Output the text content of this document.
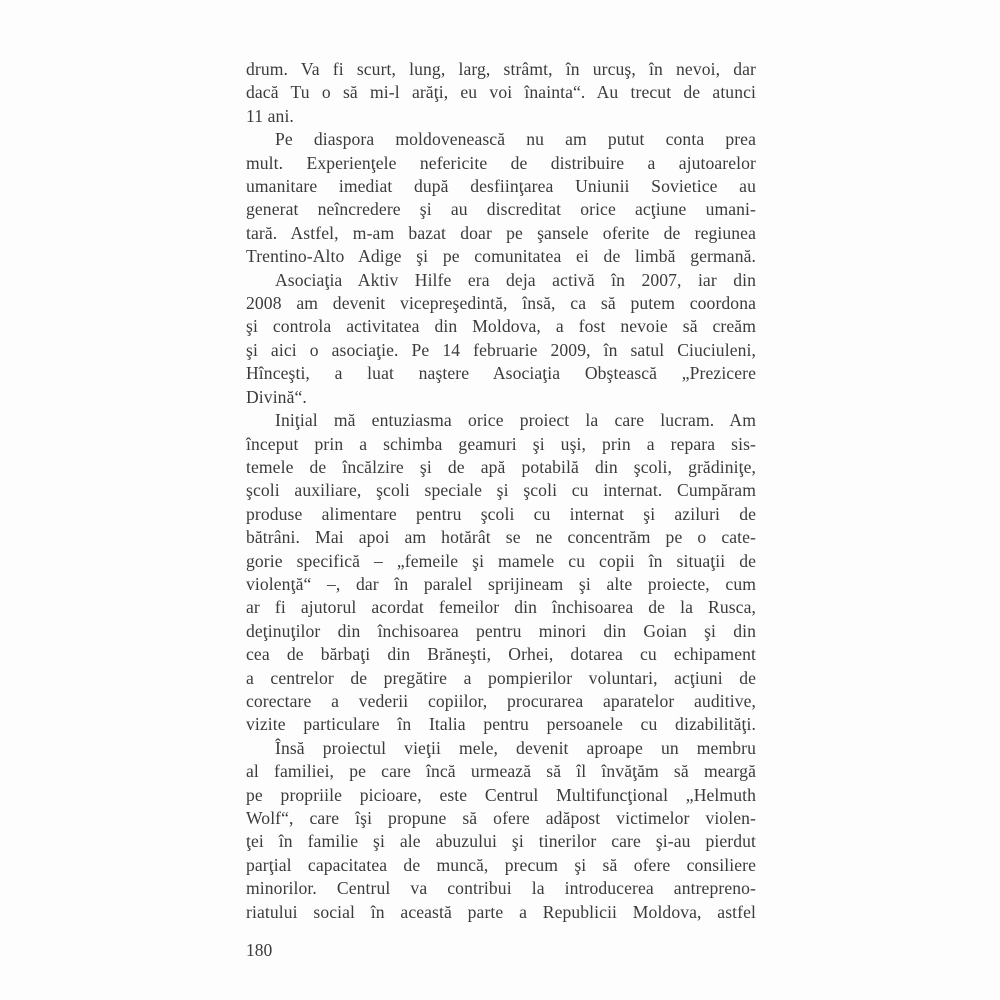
drum. Va fi scurt, lung, larg, strâmt, în urcuş, în nevoi, dar
dacă Tu o să mi-l arăţi, eu voi înainta“. Au trecut de atunci
11 ani.

Pe diaspora moldovenească nu am putut conta prea
mult. Experienţele nefericite de distribuire a ajutoarelor
umanitare imediat după desfiinţarea Uniunii Sovietice au
generat neîncredere şi au discreditat orice acţiune umani-
tară. Astfel, m-am bazat doar pe şansele oferite de regiunea
Trentino-Alto Adige şi pe comunitatea ei de limbă germană.

Asociaţia Aktiv Hilfe era deja activă în 2007, iar din
2008 am devenit vicepreşedintă, însă, ca să putem coordona
şi controla activitatea din Moldova, a fost nevoie să creăm
şi aici o asociaţie. Pe 14 februarie 2009, în satul Ciuciuleni,
Hînceşti, a luat naştere Asociaţia Obştească „Prezicere
Divină“.

Iniţial mă entuziasma orice proiect la care lucram. Am
început prin a schimba geamuri şi uşi, prin a repara sis-
temele de încălzire şi de apă potabilă din şcoli, grădiniţe,
şcoli auxiliare, şcoli speciale şi şcoli cu internat. Cumpăram
produse alimentare pentru şcoli cu internat şi aziluri de
bătrâni. Mai apoi am hotărât se ne concentrăm pe o cate-
gorie specifică – „femeile şi mamele cu copii în situaţii de
violenţă“ –, dar în paralel sprijineam şi alte proiecte, cum
ar fi ajutorul acordat femeilor din închisoarea de la Rusca,
deţinuţilor din închisoarea pentru minori din Goian şi din
cea de bărbaţi din Brăneşti, Orhei, dotarea cu echipament
a centrelor de pregătire a pompierilor voluntari, acţiuni de
corectare a vederii copiilor, procurarea aparatelor auditive,
vizite particulare în Italia pentru persoanele cu dizabilităţi.

Însă proiectul vieţii mele, devenit aproape un membru
al familiei, pe care încă urmează să îl învăţăm să meargă
pe propriile picioare, este Centrul Multifuncţional „Helmuth
Wolf“, care îşi propune să ofere adăpost victimelor violen-
ţei în familie şi ale abuzului şi tinerilor care şi-au pierdut
parţial capacitatea de muncă, precum şi să ofere consiliere
minorilor. Centrul va contribui la introducerea antrepreno-
riatului social în această parte a Republicii Moldova, astfel

180
